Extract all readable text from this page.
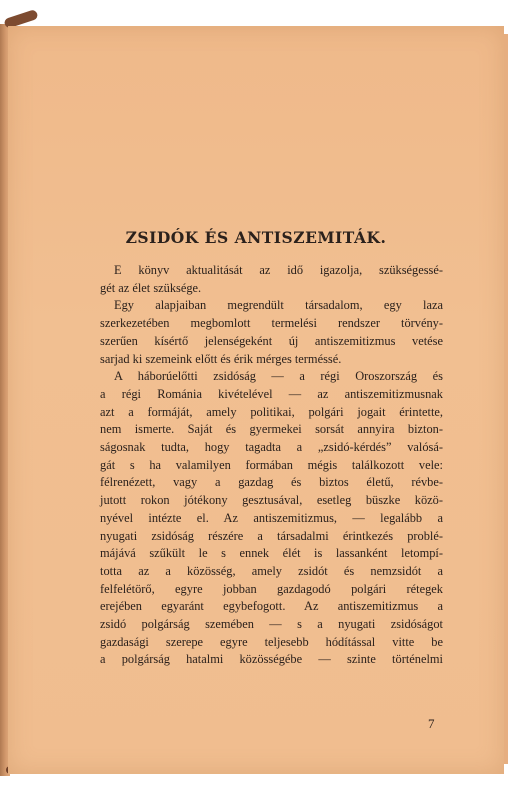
ZSIDÓK ÉS ANTISZEMITÁK.
E könyv aktualitását az idő igazolja, szükségessé-
gét az élet szüksége.
Egy alapjaiban megrendült társadalom, egy laza
szerkezetében megbomlott termelési rendszer törvény-
szerűen kísértő jelenségeként új antiszemitizmus vetése
sarjad ki szemeink előtt és érik mérges terméssé.
A háborúelőtti zsidóság — a régi Oroszország és
a régi Románia kivételével — az antiszemitizmusnak
azt a formáját, amely politikai, polgári jogait érintette,
nem ismerte. Saját és gyermekei sorsát annyira bizton-
ságosnak tudta, hogy tagadta a „zsidó-kérdés” valósá-
gát s ha valamilyen formában mégis találkozott vele:
félrenézett, vagy a gazdag és biztos életű, révbe-
jutott rokon jótékony gesztusával, esetleg büszke közö-
nyével intézte el. Az antiszemitizmus, — legalább a
nyugati zsidóság részére a társadalmi érintkezés problé-
májává szűkült le s ennek élét is lassanként letompí-
totta az a közösség, amely zsidót és nemzsidót a
felfelétörő, egyre jobban gazdagodó polgári rétegek
erejében egyaránt egybefogott. Az antiszemitizmus a
zsidó polgárság szemében — s a nyugati zsidóságot
gazdasági szerepe egyre teljesebb hódítással vitte be
a polgárság hatalmi közösségébe — szinte történelmi
7
